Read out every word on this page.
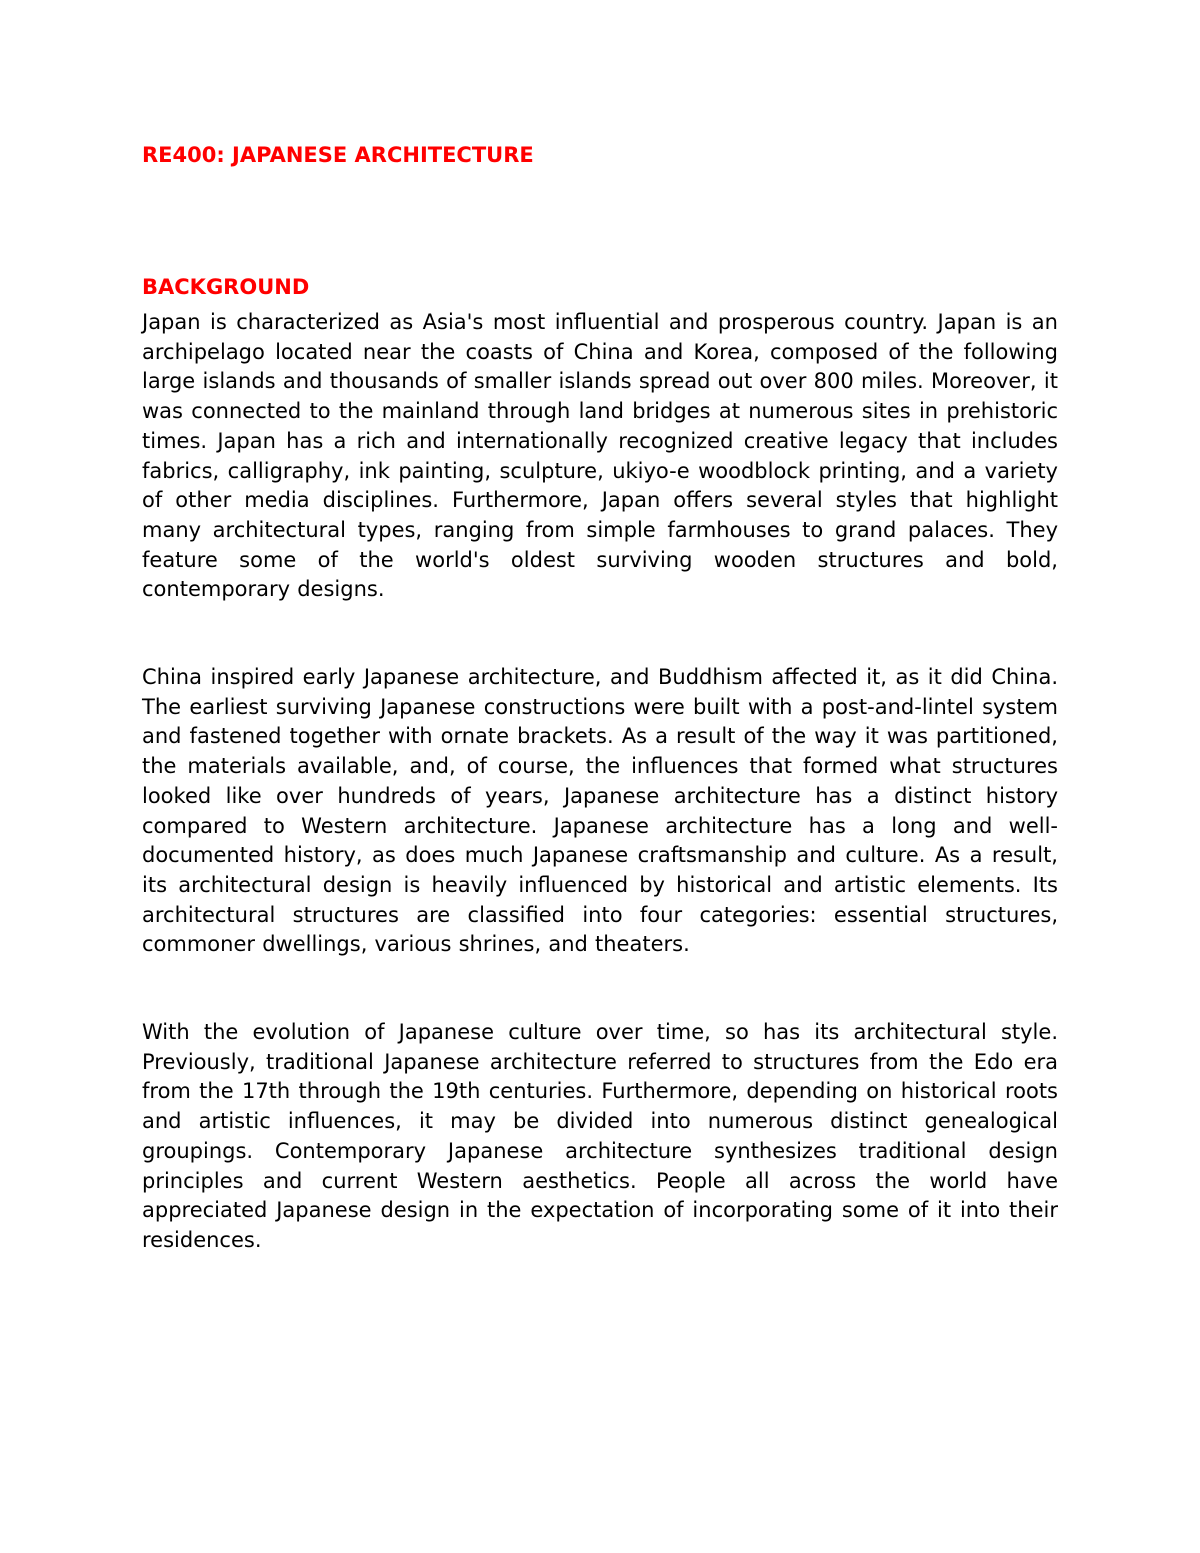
RE400: JAPANESE ARCHITECTURE
BACKGROUND

Japan is characterized as Asia's most influential and prosperous country. Japan is an archipelago located near the coasts of China and Korea, composed of the following large islands and thousands of smaller islands spread out over 800 miles. Moreover, it was connected to the mainland through land bridges at numerous sites in prehistoric times. Japan has a rich and internationally recognized creative legacy that includes fabrics, calligraphy, ink painting, sculpture, ukiyo-e woodblock printing, and a variety of other media disciplines. Furthermore, Japan offers several styles that highlight many architectural types, ranging from simple farmhouses to grand palaces. They feature some of the world's oldest surviving wooden structures and bold, contemporary designs.

China inspired early Japanese architecture, and Buddhism affected it, as it did China. The earliest surviving Japanese constructions were built with a post-and-lintel system and fastened together with ornate brackets. As a result of the way it was partitioned, the materials available, and, of course, the influences that formed what structures looked like over hundreds of years, Japanese architecture has a distinct history compared to Western architecture. Japanese architecture has a long and well-documented history, as does much Japanese craftsmanship and culture. As a result, its architectural design is heavily influenced by historical and artistic elements. Its architectural structures are classified into four categories: essential structures, commoner dwellings, various shrines, and theaters.

With the evolution of Japanese culture over time, so has its architectural style. Previously, traditional Japanese architecture referred to structures from the Edo era from the 17th through the 19th centuries. Furthermore, depending on historical roots and artistic influences, it may be divided into numerous distinct genealogical groupings. Contemporary Japanese architecture synthesizes traditional design principles and current Western aesthetics. People all across the world have appreciated Japanese design in the expectation of incorporating some of it into their residences.
